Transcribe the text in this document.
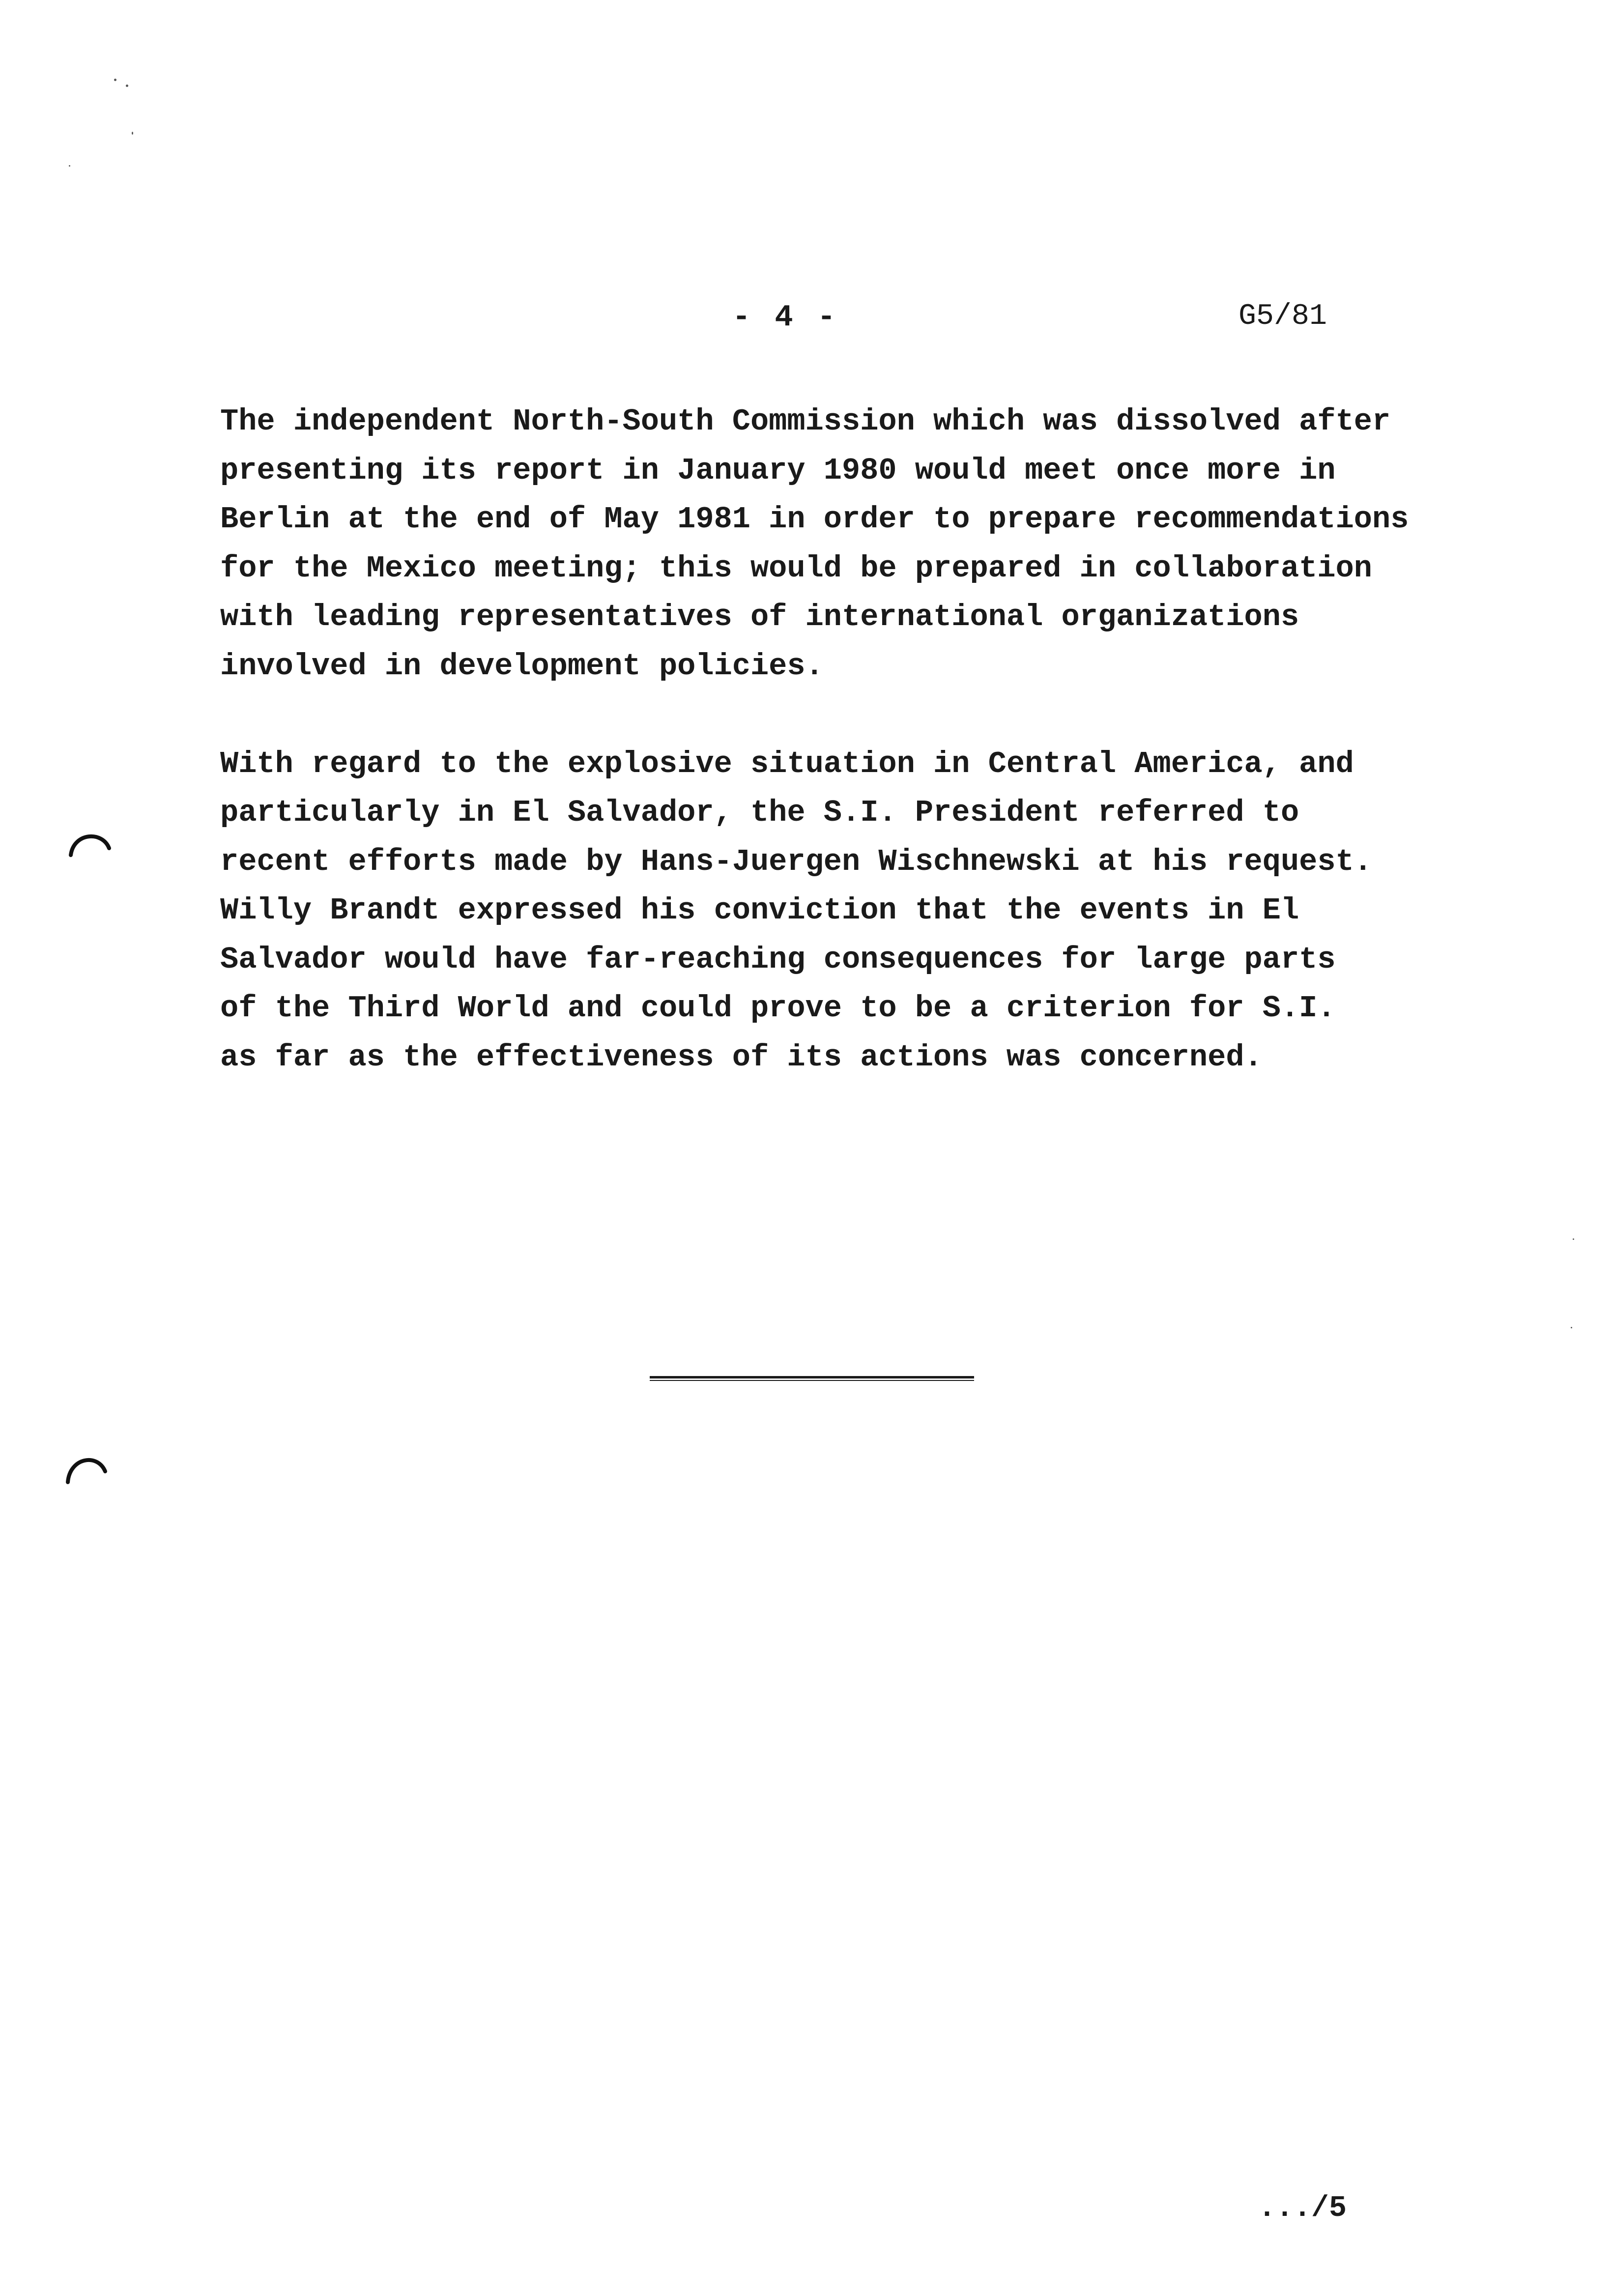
- 4 -	G5/81

The independent North-South Commission which was dissolved after
presenting its report in January 1980 would meet once more in
Berlin at the end of May 1981 in order to prepare recommendations
for the Mexico meeting; this would be prepared in collaboration
with leading representatives of international organizations
involved in development policies.

With regard to the explosive situation in Central America, and
particularly in El Salvador, the S.I. President referred to
recent efforts made by Hans-Juergen Wischnewski at his request.
Willy Brandt expressed his conviction that the events in El
Salvador would have far-reaching consequences for large parts
of the Third World and could prove to be a criterion for S.I.
as far as the effectiveness of its actions was concerned.

.../5
